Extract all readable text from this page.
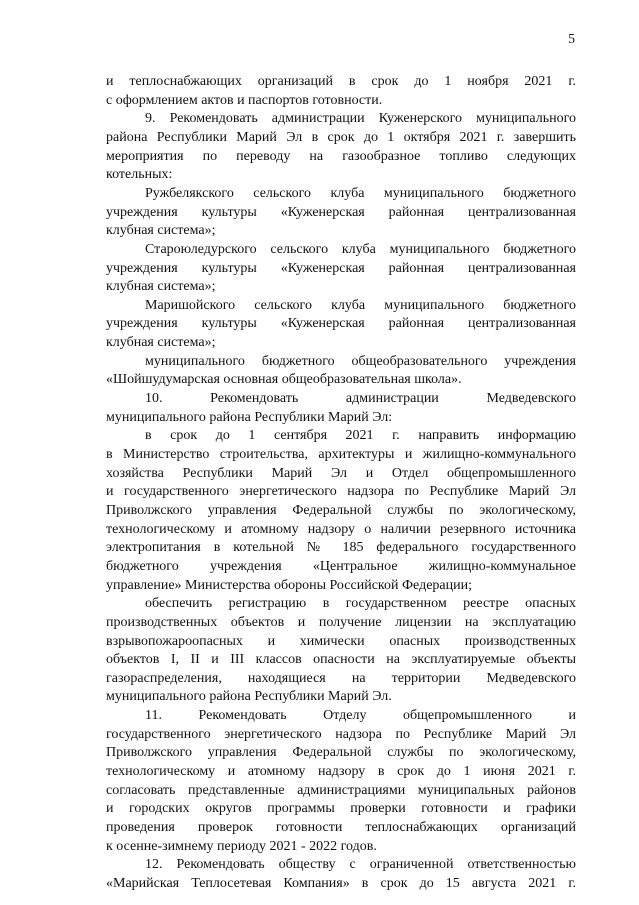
5
и теплоснабжающих организаций в срок до 1 ноября 2021 г.
с оформлением актов и паспортов готовности.
9. Рекомендовать администрации Куженерского муниципального
района Республики Марий Эл в срок до 1 октября 2021 г. завершить
мероприятия по переводу на газообразное топливо следующих
котельных:
Ружбелякского сельского клуба муниципального бюджетного
учреждения культуры «Куженерская районная централизованная
клубная система»;
Староюледурского сельского клуба муниципального бюджетного
учреждения культуры «Куженерская районная централизованная
клубная система»;
Маришойского сельского клуба муниципального бюджетного
учреждения культуры «Куженерская районная централизованная
клубная система»;
муниципального бюджетного общеобразовательного учреждения
«Шойшудумарская основная общеобразовательная школа».
10. Рекомендовать администрации Медведевского
муниципального района Республики Марий Эл:
в срок до 1 сентября 2021 г. направить информацию
в Министерство строительства, архитектуры и жилищно-коммунального
хозяйства Республики Марий Эл и Отдел общепромышленного
и государственного энергетического надзора по Республике Марий Эл
Приволжского управления Федеральной службы по экологическому,
технологическому и атомному надзору о наличии резервного источника
электропитания в котельной № 185 федерального государственного
бюджетного учреждения «Центральное жилищно-коммунальное
управление» Министерства обороны Российской Федерации;
обеспечить регистрацию в государственном реестре опасных
производственных объектов и получение лицензии на эксплуатацию
взрывопожароопасных и химически опасных производственных
объектов I, II и III классов опасности на эксплуатируемые объекты
газораспределения, находящиеся на территории Медведевского
муниципального района Республики Марий Эл.
11. Рекомендовать Отделу общепромышленного и
государственного энергетического надзора по Республике Марий Эл
Приволжского управления Федеральной службы по экологическому,
технологическому и атомному надзору в срок до 1 июня 2021 г.
согласовать представленные администрациями муниципальных районов
и городских округов программы проверки готовности и графики
проведения проверок готовности теплоснабжающих организаций
к осенне-зимнему периоду 2021 - 2022 годов.
12. Рекомендовать обществу с ограниченной ответственностью
«Марийская Теплосетевая Компания» в срок до 15 августа 2021 г.
